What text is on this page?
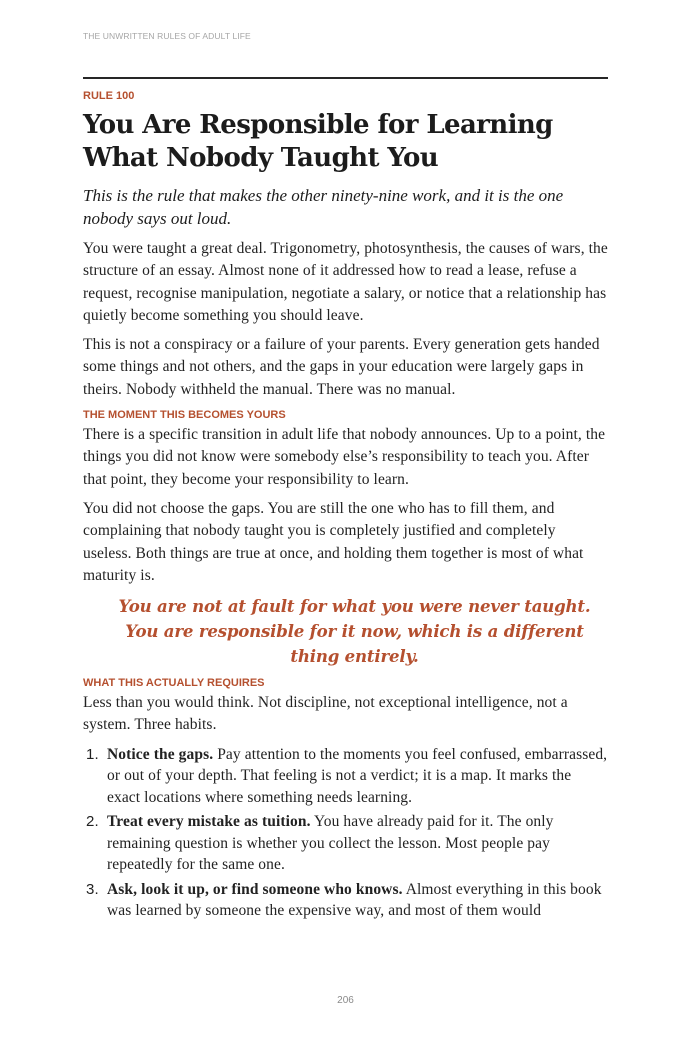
THE UNWRITTEN RULES OF ADULT LIFE
RULE 100
You Are Responsible for Learning What Nobody Taught You

This is the rule that makes the other ninety-nine work, and it is the one nobody says out loud.

You were taught a great deal. Trigonometry, photosynthesis, the causes of wars, the structure of an essay. Almost none of it addressed how to read a lease, refuse a request, recognise manipulation, negotiate a salary, or notice that a relationship has quietly become something you should leave.

This is not a conspiracy or a failure of your parents. Every generation gets handed some things and not others, and the gaps in your education were largely gaps in theirs. Nobody withheld the manual. There was no manual.

THE MOMENT THIS BECOMES YOURS

There is a specific transition in adult life that nobody announces. Up to a point, the things you did not know were somebody else’s responsibility to teach you. After that point, they become your responsibility to learn.

You did not choose the gaps. You are still the one who has to fill them, and complaining that nobody taught you is completely justified and completely useless. Both things are true at once, and holding them together is most of what maturity is.

You are not at fault for what you were never taught. You are responsible for it now, which is a different thing entirely.
WHAT THIS ACTUALLY REQUIRES

Less than you would think. Not discipline, not exceptional intelligence, not a system. Three habits.

1. Notice the gaps. Pay attention to the moments you feel confused, embarrassed, or out of your depth. That feeling is not a verdict; it is a map. It marks the exact locations where something needs learning.
2. Treat every mistake as tuition. You have already paid for it. The only remaining question is whether you collect the lesson. Most people pay repeatedly for the same one.
3. Ask, look it up, or find someone who knows. Almost everything in this book was learned by someone the expensive way, and most of them would
206
